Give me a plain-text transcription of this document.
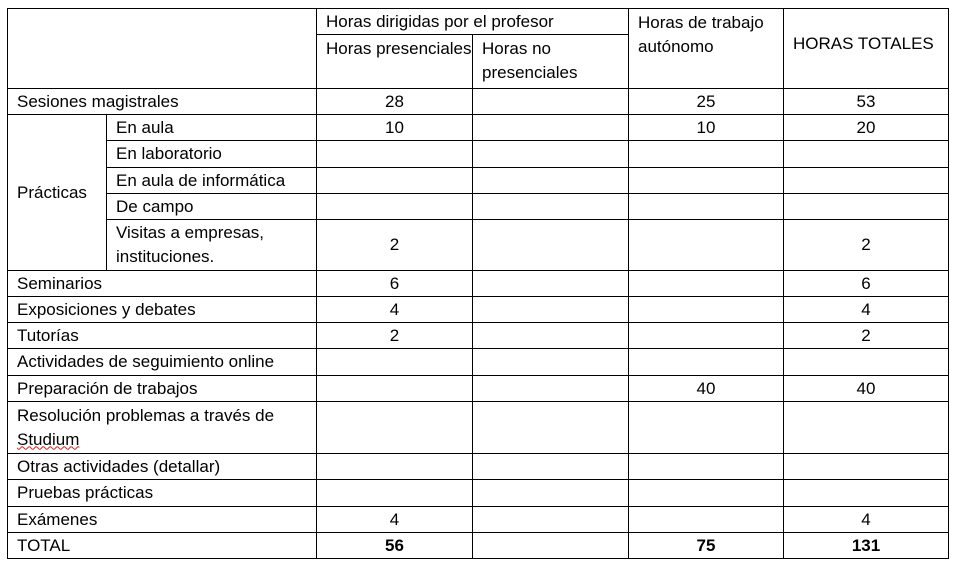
		Horas dirigidas por el profesor		Horas de trabajo autónomo	HORAS TOTALES
		Horas presenciales	Horas no presenciales		
Sesiones magistrales		28		25	53
Prácticas	En aula	10		10	20
	En laboratorio				
	En aula de informática				
	De campo				
	Visitas a empresas, instituciones.	2			2
Seminarios		6			6
Exposiciones y debates		4			4
Tutorías		2			2
Actividades de seguimiento online					
Preparación de trabajos				40	40
Resolución problemas a través de
Studium					
Otras actividades (detallar)					
Pruebas prácticas					
Exámenes		4			4
TOTAL		56		75	131
